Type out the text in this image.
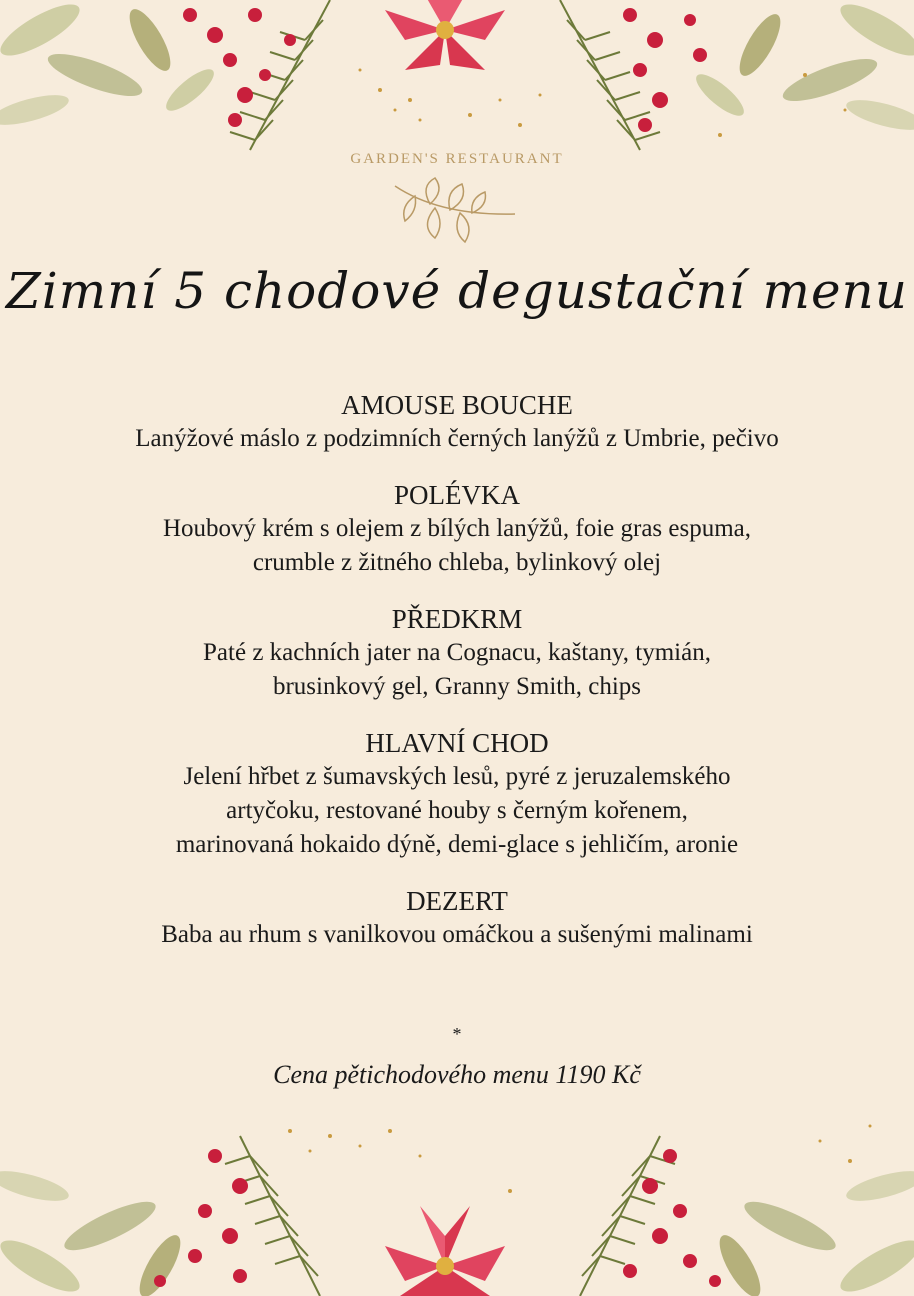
GARDEN'S RESTAURANT
Zimní 5 chodové degustační menu
AMOUSE BOUCHE
Lanýžové máslo z podzimních černých lanýžů z Umbrie, pečivo
POLÉVKA
Houbový krém s olejem z bílých lanýžů, foie gras espuma,
crumble z žitného chleba, bylinkový olej
PŘEDKRM
Paté z kachních jater na Cognacu, kaštany, tymián,
brusinkový gel, Granny Smith, chips
HLAVNÍ CHOD
Jelení hřbet z šumavských lesů, pyré z jeruzalemského
artyčoku, restované houby s černým kořenem,
marinovaná hokaido dýně, demi-glace s jehličím, aronie
DEZERT
Baba au rhum s vanilkovou omáčkou a sušenými malinami
*
Cena pětichodového menu 1190 Kč
